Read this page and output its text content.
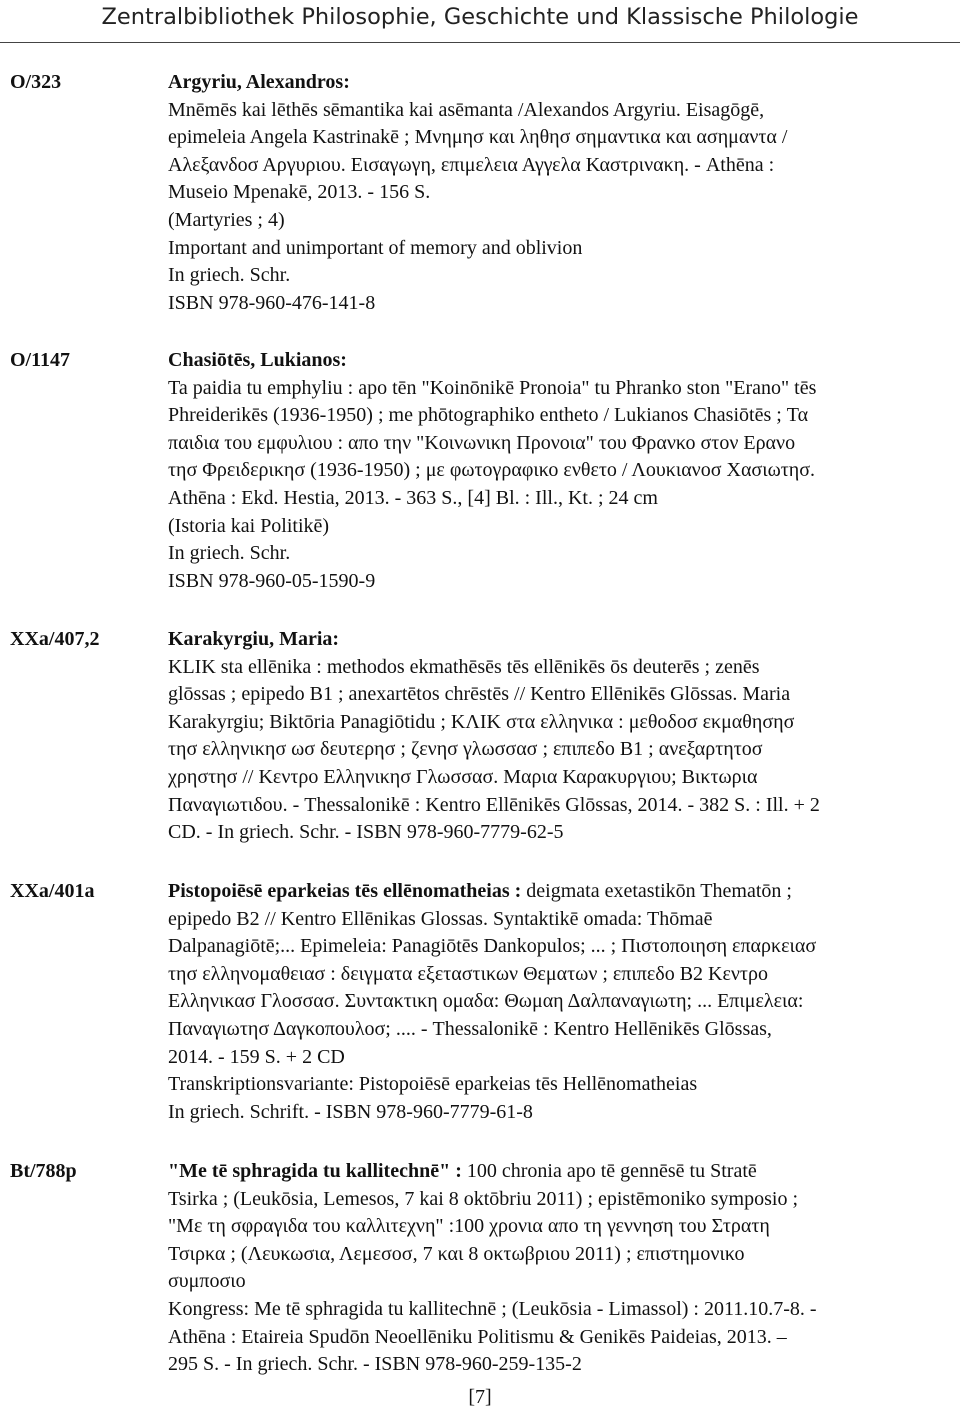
Zentralbibliothek Philosophie, Geschichte und Klassische Philologie
O/323	Argyriu, Alexandros:
Mnēmēs kai lēthēs sēmantika kai asēmanta /Alexandos Argyriu. Eisagōgē,
epimeleia Angela Kastrinakē ; Μνημησ και ληθησ σημαντικα και ασημαντα /
Αλεξανδοσ Αργυριου. Εισαγωγη, επιμελεια Αγγελα Καστρινακη. - Athēna :
Museio Mpenakē, 2013. - 156 S.
(Martyries ; 4)
Important and unimportant of memory and oblivion
In griech. Schr.
ISBN 978-960-476-141-8
O/1147	Chasiōtēs, Lukianos:
Ta paidia tu emphyliu : apo tēn "Koinōnikē Pronoia" tu Phranko ston "Erano" tēs
Phreiderikēs (1936-1950) ; me phōtographiko entheto / Lukianos Chasiōtēs ; Τα
παιδια του εμφυλιου : απο την "Κοινωνικη Προνοια" του Φρανκο στον Ερανο
τησ Φρειδερικησ (1936-1950) ; με φωτογραφικο ενθετο / Λουκιανοσ Χασιωτησ.
Athēna : Ekd. Hestia, 2013. - 363 S., [4] Bl. : Ill., Kt. ; 24 cm
(Istoria kai Politikē)
In griech. Schr.
ISBN 978-960-05-1590-9
XXa/407,2	Karakyrgiu, Maria:
KLIK sta ellēnika : methodos ekmathēsēs tēs ellēnikēs ōs deuterēs ; zenēs
glōssas ; epipedo B1 ; anexartētos chrēstēs // Kentro Ellēnikēs Glōssas. Maria
Karakyrgiu; Biktōria Panagiōtidu ; ΚΛΙΚ στα ελληνικα : μεθοδοσ εκμαθησησ
τησ ελληνικησ ωσ δευτερησ ; ζενησ γλωσσασ ; επιπεδο Β1 ; ανεξαρτητοσ
χρηστησ // Κεντρο Ελληνικησ Γλωσσασ. Μαρια Καρακυργιου; Βικτωρια
Παναγιωτιδου. - Thessalonikē : Kentro Ellēnikēs Glōssas, 2014. - 382 S. : Ill. + 2
CD. - In griech. Schr. - ISBN 978-960-7779-62-5
XXa/401a	Pistopoiēsē eparkeias tēs ellēnomatheias : deigmata exetastikōn Thematōn ;
epipedo B2 // Kentro Ellēnikas Glossas. Syntaktikē omada: Thōmaē
Dalpanagiōtē;... Epimeleia: Panagiōtēs Dankopulos; ... ; Πιστοποιηση επαρκειασ
τησ ελληνομαθειασ : δειγματα εξεταστικων Θεματων ; επιπεδο Β2 Κεντρο
Ελληνικασ Γλοσσασ. Συντακτικη ομαδα: Θωμαη Δαλπαναγιωτη; ... Επιμελεια:
Παναγιωτησ Δαγκοπουλοσ; .... - Thessalonikē : Kentro Hellēnikēs Glōssas,
2014. - 159 S. + 2 CD
Transkriptionsvariante: Pistopoiēsē eparkeias tēs Hellēnomatheias
In griech. Schrift. - ISBN 978-960-7779-61-8
Bt/788p	"Me tē sphragida tu kallitechnē" : 100 chronia apo tē gennēsē tu Stratē
Tsirka ; (Leukōsia, Lemesos, 7 kai 8 oktōbriu 2011) ; epistēmoniko symposio ;
"Με τη σφραγιδα του καλλιτεχνη" :100 χρονια απο τη γεννηση του Στρατη
Τσιρκα ; (Λευκωσια, Λεμεσοσ, 7 και 8 οκτωβριου 2011) ; επιστημονικο
συμποσιο
Kongress: Me tē sphragida tu kallitechnē ; (Leukōsia - Limassol) : 2011.10.7-8. -
Athēna : Etaireia Spudōn Neoellēniku Politismu & Genikēs Paideias, 2013. –
295 S. - In griech. Schr. - ISBN 978-960-259-135-2
[7]
